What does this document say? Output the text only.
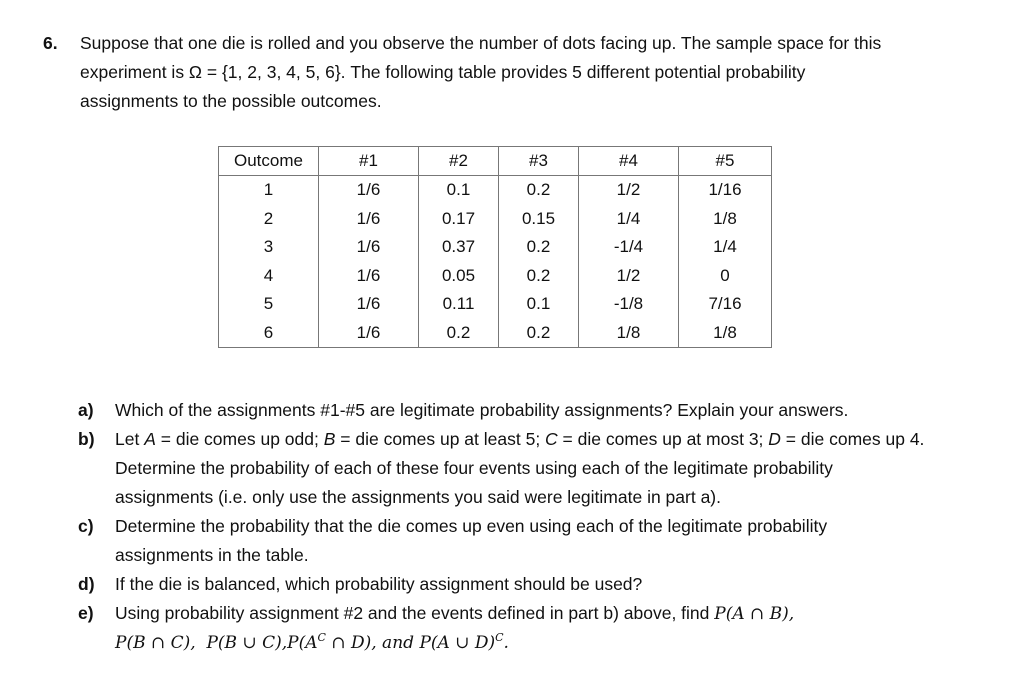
6. Suppose that one die is rolled and you observe the number of dots facing up. The sample space for this
experiment is Ω = {1, 2, 3, 4, 5, 6}. The following table provides 5 different potential probability
assignments to the possible outcomes.
Outcome	#1	#2	#3	#4	#5
1	1/6	0.1	0.2	1/2	1/16
2	1/6	0.17	0.15	1/4	1/8
3	1/6	0.37	0.2	-1/4	1/4
4	1/6	0.05	0.2	1/2	0
5	1/6	0.11	0.1	-1/8	7/16
6	1/6	0.2	0.2	1/8	1/8
a) Which of the assignments #1-#5 are legitimate probability assignments? Explain your answers.
b) Let A = die comes up odd; B = die comes up at least 5; C = die comes up at most 3; D = die comes up 4.
Determine the probability of each of these four events using each of the legitimate probability
assignments (i.e. only use the assignments you said were legitimate in part a).
c) Determine the probability that the die comes up even using each of the legitimate probability
assignments in the table.
d) If the die is balanced, which probability assignment should be used?
e) Using probability assignment #2 and the events defined in part b) above, find P(A ∩ B),
P(B ∩ C), P(B ∪ $C),P(A^C$ ∩ D), and P(A ∪ D)$^C$.
